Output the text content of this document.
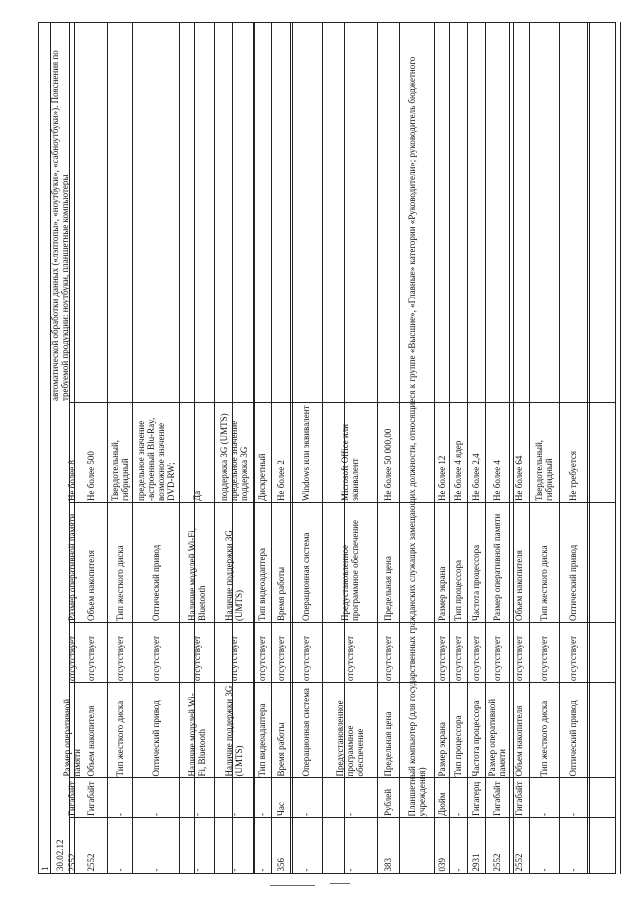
2552
Гигабайт
Размер оперативной памяти
отсутствует
Размер оперативной памяти
Не более 8
2552
Гигабайт
Объем накопителя
отсутствует
Объем накопителя
Не более 500
-
-
Тип жесткого диска
отсутствует
Тип жесткого диска
Твердотельный, гибридный
-
-
Оптический привод
отсутствует
Оптический привод
предельное значение -встроенный Blu-Ray, возможное значение DVD-RW;
-
-
Наличие модулей Wi-Fi, Bluetooth
отсутствует
Наличие модулей Wi-Fi, Bluetooth
Да
-
-
Наличие поддержки 3G (UMTS)
отсутствует
Наличие поддержки 3G (UMTS)
поддержка 3G (UMTS) предельное значение поддержка 3G
-
-
Тип видеоадаптера
отсутствует
Тип видеоадаптера
Дискретный
356
Час
Время работы
отсутствует
Время работы
Не более 2
-
-
Операционная система
отсутствует
Операционная система
Windows или эквивалент
-
-
Предустановленное программное обеспечение
отсутствует
Предустановленное программное обеспечение
Microsoft Office или эквивалент
383
Рублей
Предельная цена
отсутствует
Предельная цена
Не более 50 000,00
039
Дюйм
Размер экрана
отсутствует
Размер экрана
Не более 12
-
-
Тип процессора
отсутствует
Тип процессора
Не более 4 ядер
2931
Гигагерц
Частота процессора
отсутствует
Частота процессора
Не более 2,4
2552
Гигабайт
Размер оперативной памяти
отсутствует
Размер оперативной памяти
Не более 4
2552
Гигабайт
Объем накопителя
отсутствует
Объем накопителя
Не более 64
-
-
Тип жесткого диска
отсутствует
Тип жесткого диска
Твердотельный, гибридный
-
-
Оптический привод
отсутствует
Оптический привод
Не требуется
Планшетный компьютер (для государственных гражданских служащих замещающих должности, относящиеся к группе «Высшие», «Главные» категории «Руководители»; руководитель бюджетного учреждения)
автоматической обработки данных («лэптопы», «ноутбуки», «сабноутбуки»). Пояснения по требуемой продукции: ноутбуки, планшетные компьютеры
1 30.02.12
